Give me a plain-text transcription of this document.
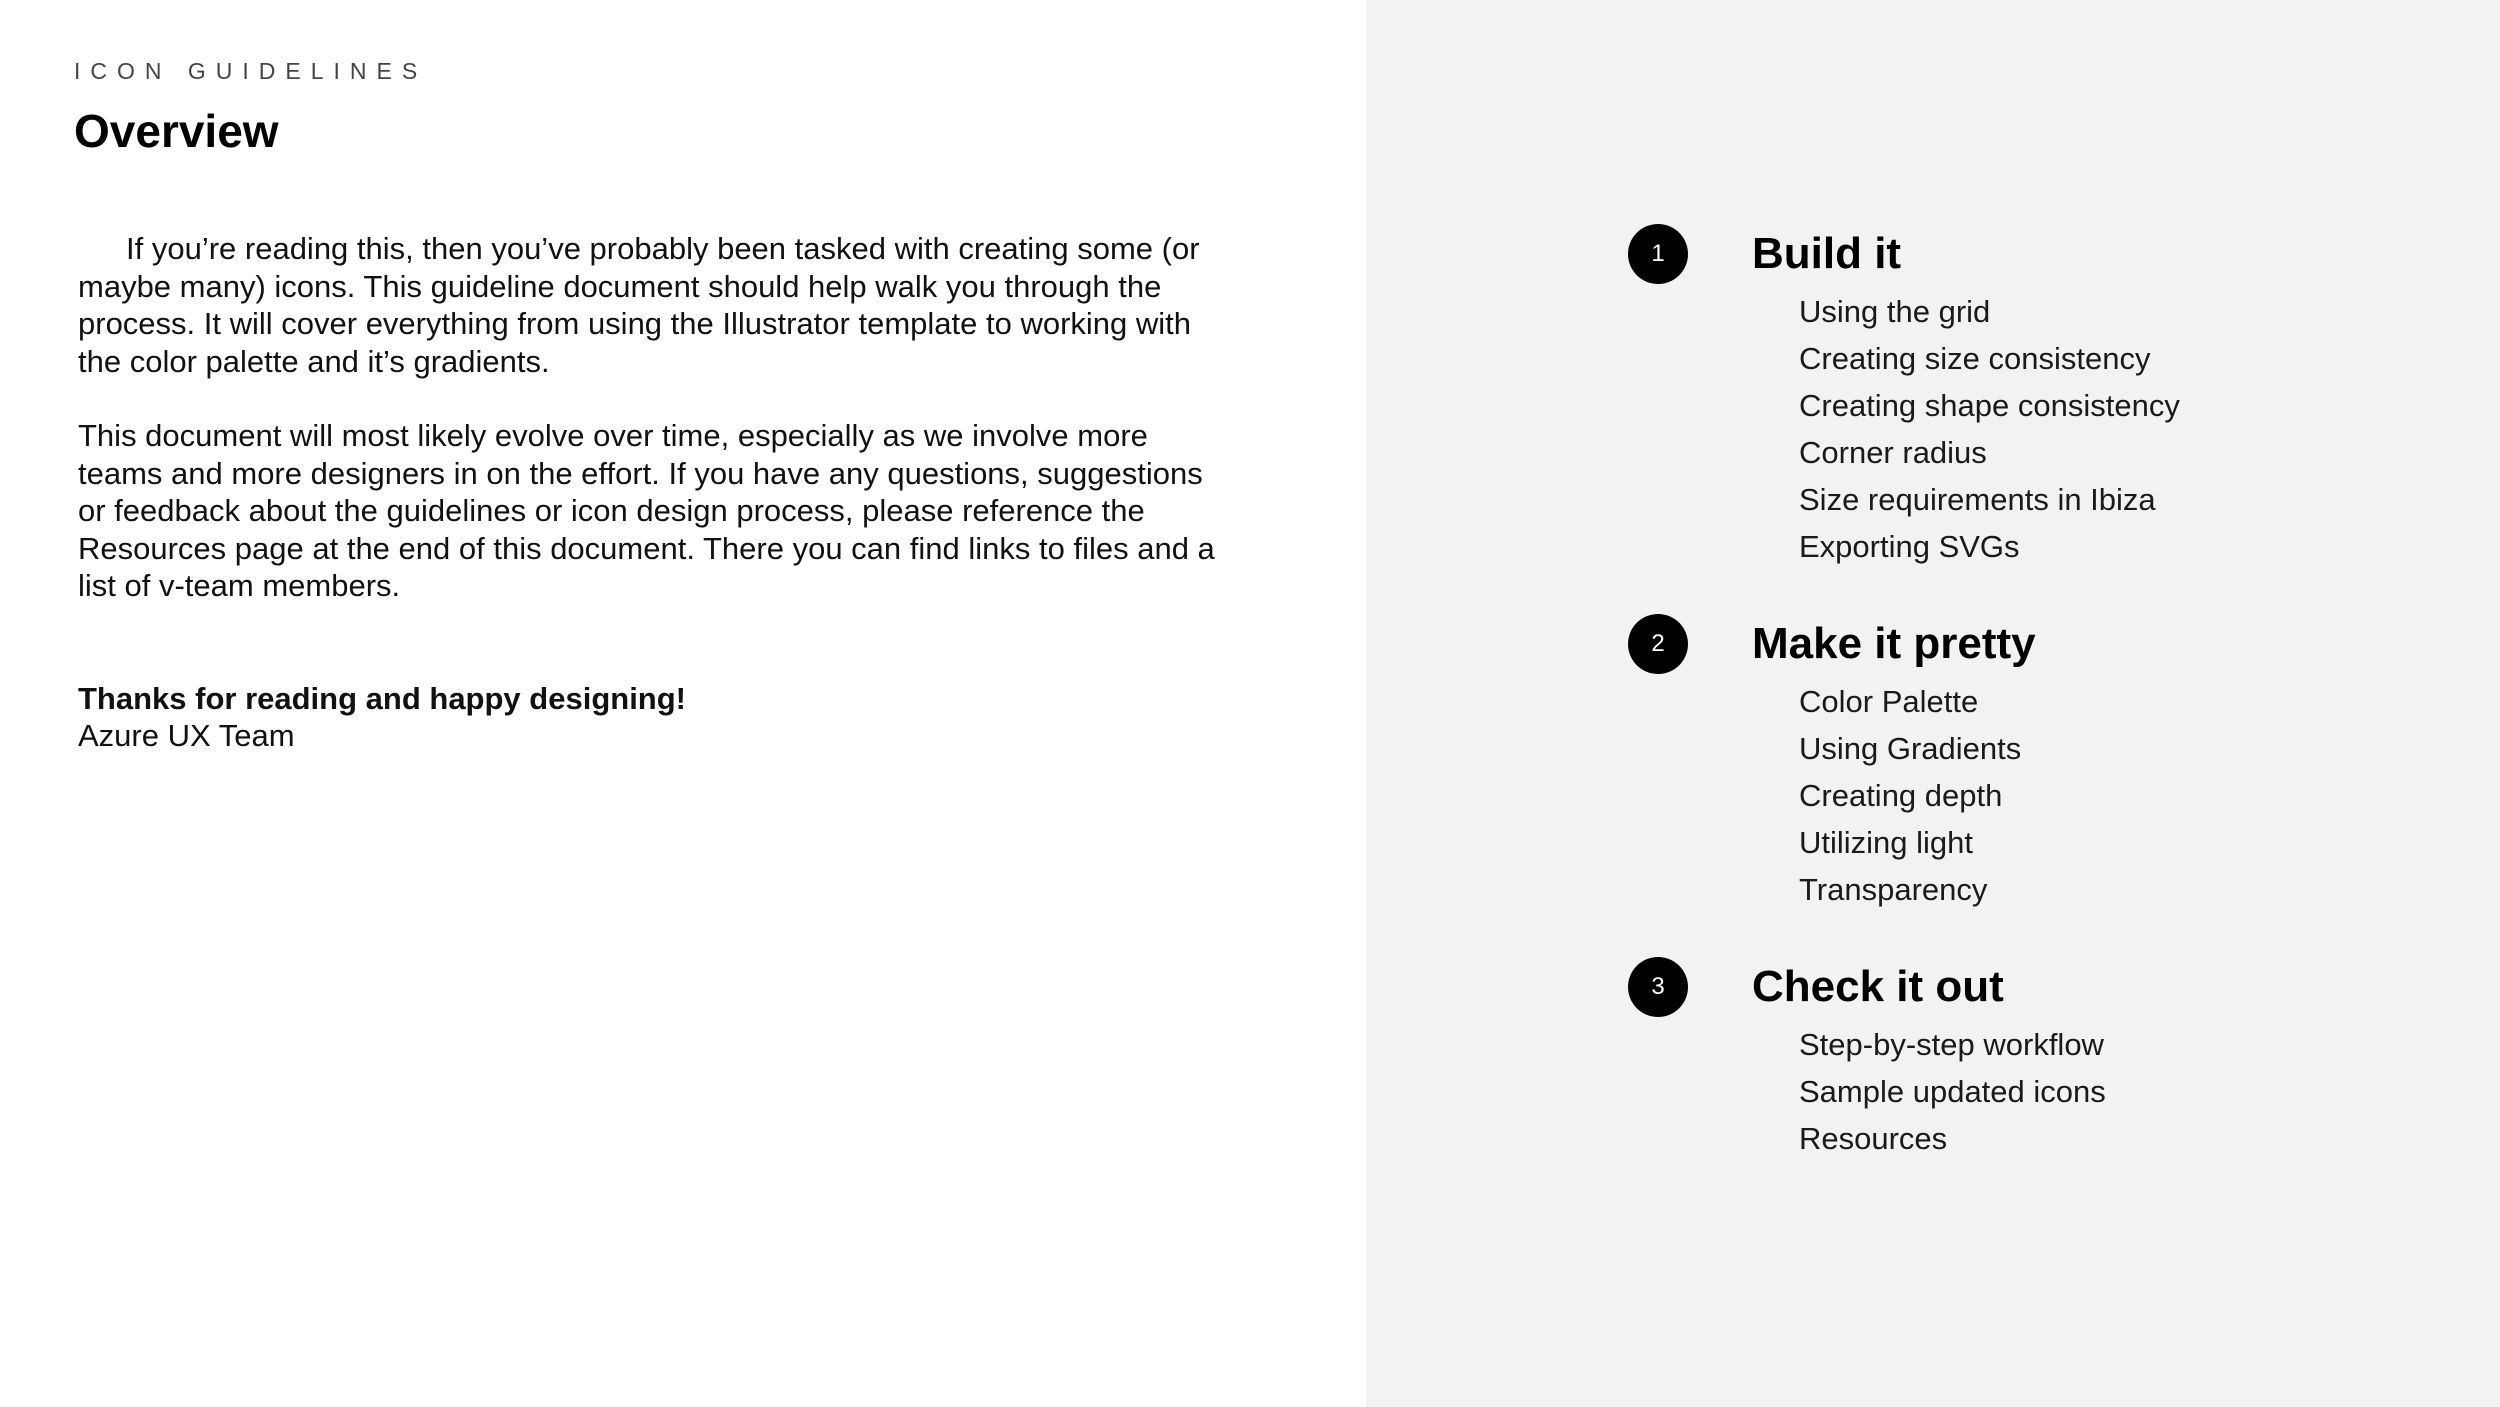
ICON GUIDELINES
Overview

If you’re reading this, then you’ve probably been tasked with creating some (or maybe many) icons. This guideline document should help walk you through the process. It will cover everything from using the Illustrator template to working with the color palette and it’s gradients.

This document will most likely evolve over time, especially as we involve more teams and more designers in on the effort. If you have any questions, suggestions or feedback about the guidelines or icon design process, please reference the Resources page at the end of this document. There you can find links to files and a list of v-team members.

Thanks for reading and happy designing!
Azure UX Team

1	Build it
Using the grid
Creating size consistency
Creating shape consistency
Corner radius
Size requirements in Ibiza
Exporting SVGs
2	Make it pretty
Color Palette
Using Gradients
Creating depth
Utilizing light
Transparency
3	Check it out
Step-by-step workflow
Sample updated icons
Resources
